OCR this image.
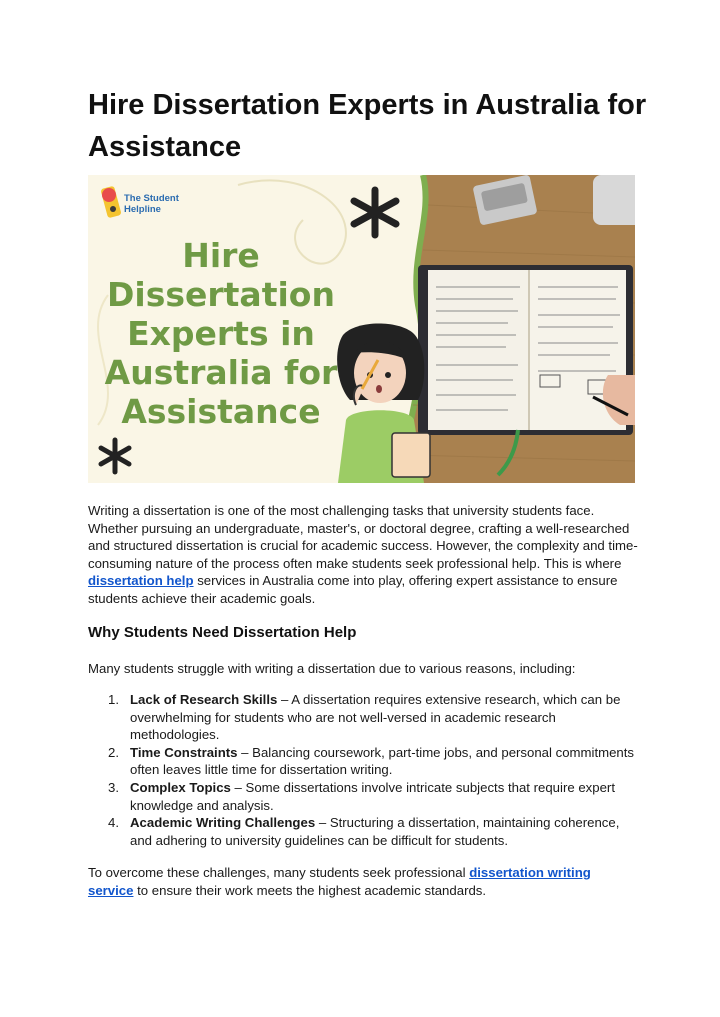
Hire Dissertation Experts in Australia for Assistance
The Student
Helpline
Hire
Dissertation
Experts in
Australia for
Assistance

Writing a dissertation is one of the most challenging tasks that university students face. Whether pursuing an undergraduate, master's, or doctoral degree, crafting a well-researched and structured dissertation is crucial for academic success. However, the complexity and time-consuming nature of the process often make students seek professional help. This is where dissertation help services in Australia come into play, offering expert assistance to ensure students achieve their academic goals.

Why Students Need Dissertation Help

Many students struggle with writing a dissertation due to various reasons, including:

1. Lack of Research Skills – A dissertation requires extensive research, which can be overwhelming for students who are not well-versed in academic research methodologies.
2. Time Constraints – Balancing coursework, part-time jobs, and personal commitments often leaves little time for dissertation writing.
3. Complex Topics – Some dissertations involve intricate subjects that require expert knowledge and analysis.
4. Academic Writing Challenges – Structuring a dissertation, maintaining coherence, and adhering to university guidelines can be difficult for students.

To overcome these challenges, many students seek professional dissertation writing service to ensure their work meets the highest academic standards.
